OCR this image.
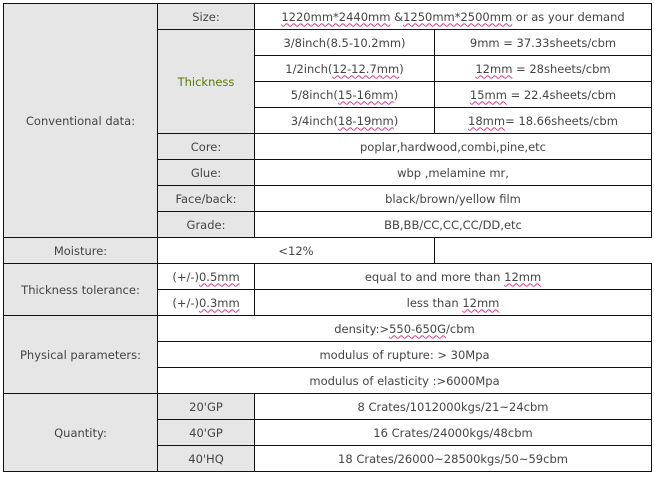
Conventional data:	Size:	1220mm*2440mm &1250mm*2500mm or as your demand	
	Thickness	3/8inch(8.5-10.2mm)	9mm = 37.33sheets/cbm
		1/2inch(12-12.7mm)	12mm = 28sheets/cbm
		5/8inch(15-16mm)	15mm = 22.4sheets/cbm
		3/4inch(18-19mm)	18mm= 18.66sheets/cbm
	Core:	poplar,hardwood,combi,pine,etc	
	Glue:	wbp ,melamine mr,	
	Face/back:	black/brown/yellow film	
	Grade:	BB,BB/CC,CC,CC/DD,etc	
Moisture:	<12%		
Thickness tolerance:	(+/-)0.5mm	equal to and more than 12mm	
	(+/-)0.3mm	less than 12mm	
Physical parameters:	density:>550-650G/cbm		
	modulus of rupture: > 30Mpa		
	modulus of elasticity :>6000Mpa		
Quantity:	20'GP	8 Crates/1012000kgs/21~24cbm	
	40'GP	16 Crates/24000kgs/48cbm	
	40'HQ	18 Crates/26000~28500kgs/50~59cbm	
